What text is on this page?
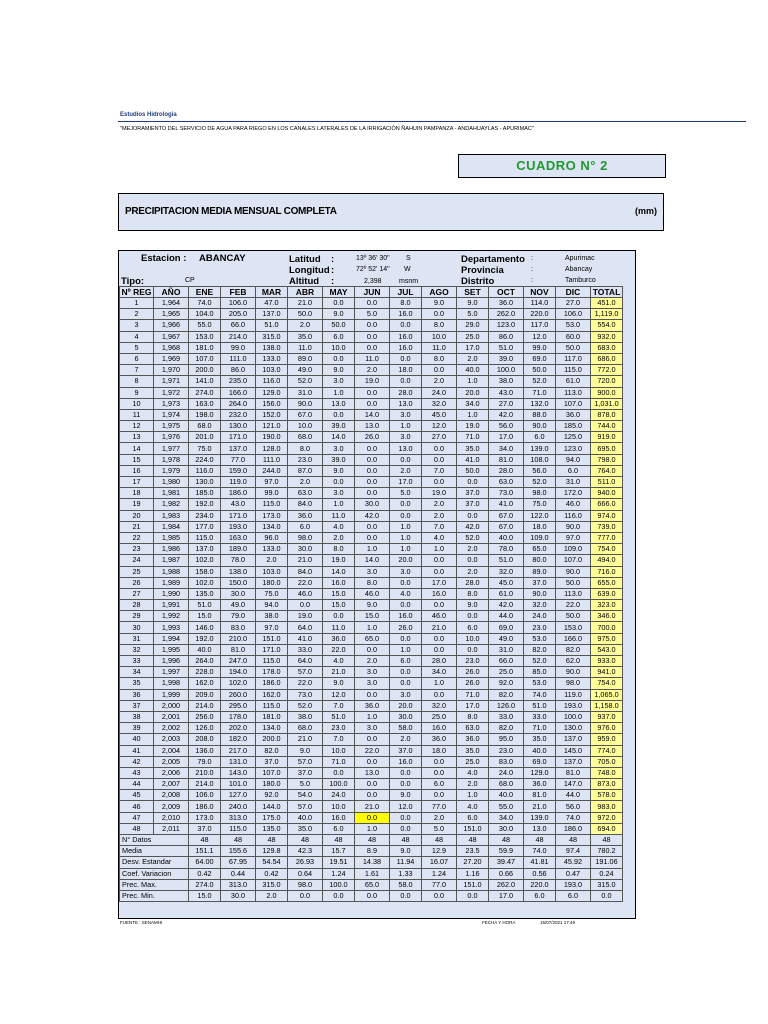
Estudios Hidrologia
"MEJORAMIENTO DEL SERVICIO DE AGUA PARA RIEGO EN LOS CANALES LATERALES DE LA IRRIGACIÓN ÑAHUIN PAMPANZA - ANDAHUAYLAS - APURIMAC"
CUADRO N° 2
PRECIPITACION MEDIA MENSUAL COMPLETA	(mm)
Estacion : ABANCAY
Tipo:	CP
Latitud :	13º 36' 30" S
Longitud :	72º 52' 14" W
Altitud :	2,398 msnm
Departamento :	Apurimac
Provincia	:	Abancay
Distrito	:	Tamburco
Nº REG	AÑO	ENE	FEB	MAR	ABR	MAY	JUN	JUL	AGO	SET	OCT	NOV	DIC	TOTAL
1	1,964	74.0	106.0	47.0	21.0	0.0	0.0	8.0	9.0	9.0	36.0	114.0	27.0	451.0
2	1,965	104.0	205.0	137.0	50.0	9.0	5.0	16.0	0.0	5.0	262.0	220.0	106.0	1,119.0
3	1,966	55.0	66.0	51.0	2.0	50.0	0.0	0.0	8.0	29.0	123.0	117.0	53.0	554.0
4	1,967	153.0	214.0	315.0	35.0	6.0	0.0	16.0	10.0	25.0	86.0	12.0	60.0	932.0
5	1,968	181.0	99.0	138.0	11.0	10.0	0.0	16.0	11.0	17.0	51.0	99.0	50.0	683.0
6	1,969	107.0	111.0	133.0	89.0	0.0	11.0	0.0	8.0	2.0	39.0	69.0	117.0	686.0
7	1,970	200.0	86.0	103.0	49.0	9.0	2.0	18.0	0.0	40.0	100.0	50.0	115.0	772.0
8	1,971	141.0	235.0	116.0	52.0	3.0	19.0	0.0	2.0	1.0	38.0	52.0	61.0	720.0
9	1,972	274.0	166.0	129.0	31.0	1.0	0.0	28.0	24.0	20.0	43.0	71.0	113.0	900.0
10	1,973	163.0	264.0	156.0	90.0	13.0	0.0	13.0	32.0	34.0	27.0	132.0	107.0	1,031.0
11	1,974	198.0	232.0	152.0	67.0	0.0	14.0	3.0	45.0	1.0	42.0	88.0	36.0	878.0
12	1,975	68.0	130.0	121.0	10.0	39.0	13.0	1.0	12.0	19.0	56.0	90.0	185.0	744.0
13	1,976	201.0	171.0	190.0	68.0	14.0	26.0	3.0	27.0	71.0	17.0	6.0	125.0	919.0
14	1,977	75.0	137.0	128.0	8.0	3.0	0.0	13.0	0.0	35.0	34.0	139.0	123.0	695.0
15	1,978	224.0	77.0	111.0	23.0	39.0	0.0	0.0	0.0	41.0	81.0	108.0	94.0	798.0
16	1,979	116.0	159.0	244.0	87.0	9.0	0.0	2.0	7.0	50.0	28.0	56.0	6.0	764.0
17	1,980	130.0	119.0	97.0	2.0	0.0	0.0	17.0	0.0	0.0	63.0	52.0	31.0	511.0
18	1,981	185.0	186.0	99.0	63.0	3.0	0.0	5.0	19.0	37.0	73.0	98.0	172.0	940.0
19	1,982	192.0	43.0	115.0	84.0	1.0	30.0	0.0	2.0	37.0	41.0	75.0	46.0	666.0
20	1,983	234.0	171.0	173.0	36.0	11.0	42.0	0.0	2.0	0.0	67.0	122.0	116.0	974.0
21	1,984	177.0	193.0	134.0	6.0	4.0	0.0	1.0	7.0	42.0	67.0	18.0	90.0	739.0
22	1,985	115.0	163.0	96.0	98.0	2.0	0.0	1.0	4.0	52.0	40.0	109.0	97.0	777.0
23	1,986	137.0	189.0	133.0	30.0	8.0	1.0	1.0	1.0	2.0	78.0	65.0	109.0	754.0
24	1,987	102.0	78.0	2.0	21.0	19.0	14.0	20.0	0.0	0.0	51.0	80.0	107.0	494.0
25	1,988	158.0	138.0	103.0	84.0	14.0	3.0	3.0	0.0	2.0	32.0	89.0	90.0	716.0
26	1,989	102.0	150.0	180.0	22.0	16.0	8.0	0.0	17.0	28.0	45.0	37.0	50.0	655.0
27	1,990	135.0	30.0	75.0	46.0	15.0	46.0	4.0	16.0	8.0	61.0	90.0	113.0	639.0
28	1,991	51.0	49.0	94.0	0.0	15.0	9.0	0.0	0.0	9.0	42.0	32.0	22.0	323.0
29	1,992	15.0	79.0	38.0	19.0	0.0	15.0	16.0	46.0	0.0	44.0	24.0	50.0	346.0
30	1,993	146.0	83.0	97.0	64.0	11.0	1.0	26.0	21.0	6.0	69.0	23.0	153.0	700.0
31	1,994	192.0	210.0	151.0	41.0	36.0	65.0	0.0	0.0	10.0	49.0	53.0	166.0	975.0
32	1,995	40.0	81.0	171.0	33.0	22.0	0.0	1.0	0.0	0.0	31.0	82.0	82.0	543.0
33	1,996	264.0	247.0	115.0	64.0	4.0	2.0	6.0	28.0	23.0	66.0	52.0	62.0	933.0
34	1,997	228.0	194.0	178.0	57.0	21.0	3.0	0.0	34.0	26.0	25.0	85.0	90.0	941.0
35	1,998	162.0	102.0	186.0	22.0	9.0	3.0	0.0	1.0	26.0	92.0	53.0	98.0	754.0
36	1,999	209.0	260.0	162.0	73.0	12.0	0.0	3.0	0.0	71.0	82.0	74.0	119.0	1,065.0
37	2,000	214.0	295.0	115.0	52.0	7.0	36.0	20.0	32.0	17.0	126.0	51.0	193.0	1,158.0
38	2,001	256.0	178.0	181.0	38.0	51.0	1.0	30.0	25.0	8.0	33.0	33.0	100.0	937.0
39	2,002	126.0	202.0	134.0	68.0	23.0	3.0	58.0	16.0	63.0	82.0	71.0	130.0	976.0
40	2,003	208.0	182.0	200.0	21.0	7.0	0.0	2.0	36.0	36.0	95.0	35.0	137.0	959.0
41	2,004	136.0	217.0	82.0	9.0	10.0	22.0	37.0	18.0	35.0	23.0	40.0	145.0	774.0
42	2,005	79.0	131.0	37.0	57.0	71.0	0.0	16.0	0.0	25.0	83.0	69.0	137.0	705.0
43	2,006	210.0	143.0	107.0	37.0	0.0	13.0	0.0	0.0	4.0	24.0	129.0	81.0	748.0
44	2,007	214.0	101.0	180.0	5.0	100.0	0.0	0.0	6.0	2.0	68.0	36.0	147.0	873.0
45	2,008	106.0	127.0	92.0	54.0	24.0	0.0	9.0	0.0	1.0	40.0	81.0	44.0	578.0
46	2,009	186.0	240.0	144.0	57.0	10.0	21.0	12.0	77.0	4.0	55.0	21.0	56.0	983.0
47	2,010	173.0	313.0	175.0	40.0	16.0	0.0	0.0	2.0	6.0	34.0	139.0	74.0	972.0
48	2,011	37.0	115.0	135.0	35.0	6.0	1.0	0.0	5.0	151.0	30.0	13.0	186.0	694.0
N° Datos		48	48	48	48	48	48	48	48	48	48	48	48	48
Media		151.1	155.6	129.8	42.3	15.7	8.9	9.0	12.9	23.5	59.9	74.0	97.4	780.2
Desv. Estandar		64.00	67.95	54.54	26.93	19.51	14.38	11.94	16.07	27.20	39.47	41.81	45.92	191.06
Coef. Variacion		0.42	0.44	0.42	0.64	1.24	1.61	1.33	1.24	1.16	0.66	0.56	0.47	0.24
Prec. Max.		274.0	313.0	315.0	98.0	100.0	65.0	58.0	77.0	151.0	262.0	220.0	193.0	315.0
Prec. Min.		15.0	30.0	2.0	0.0	0.0	0.0	0.0	0.0	0.0	17.0	6.0	6.0	0.0
FUENTE : SENAMHI	FECHA Y HORA	15/07/2021 17:49
